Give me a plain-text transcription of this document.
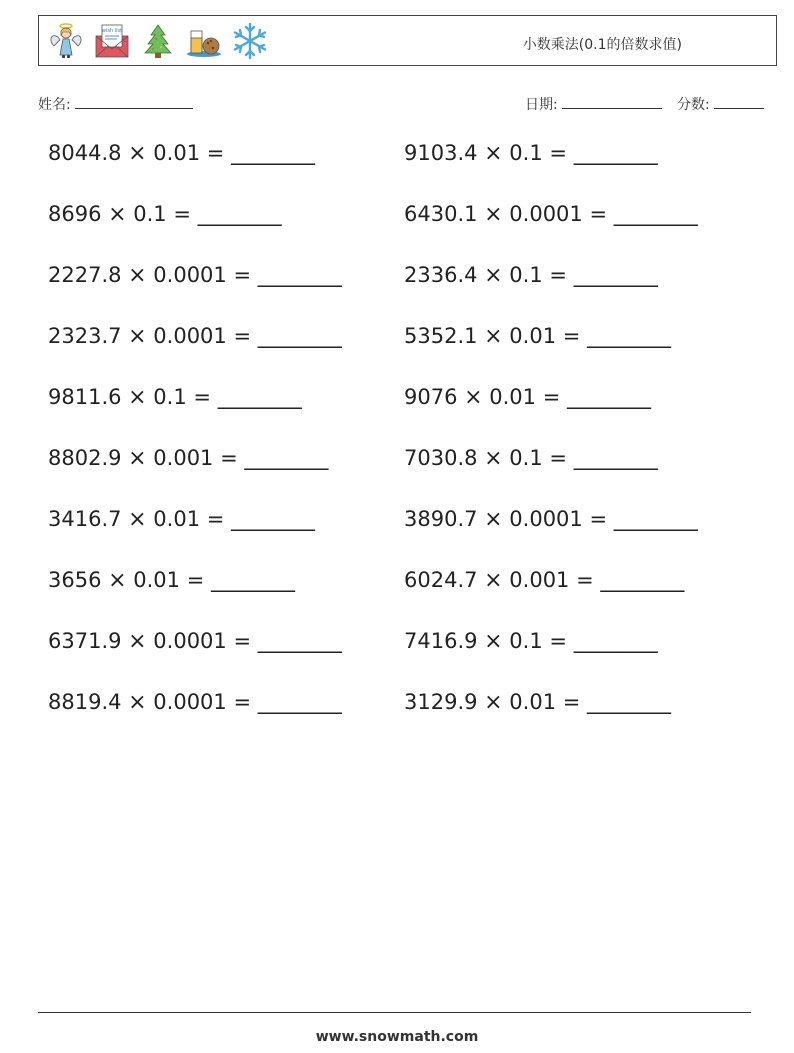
wish list
小数乘法(0.1的倍数求值)
姓名:	日期:	分数:
8044.8 × 0.01 = ________	9103.4 × 0.1 = ________
8696 × 0.1 = ________	6430.1 × 0.0001 = ________
2227.8 × 0.0001 = ________	2336.4 × 0.1 = ________
2323.7 × 0.0001 = ________	5352.1 × 0.01 = ________
9811.6 × 0.1 = ________	9076 × 0.01 = ________
8802.9 × 0.001 = ________	7030.8 × 0.1 = ________
3416.7 × 0.01 = ________	3890.7 × 0.0001 = ________
3656 × 0.01 = ________	6024.7 × 0.001 = ________
6371.9 × 0.0001 = ________	7416.9 × 0.1 = ________
8819.4 × 0.0001 = ________	3129.9 × 0.01 = ________
www.snowmath.com
